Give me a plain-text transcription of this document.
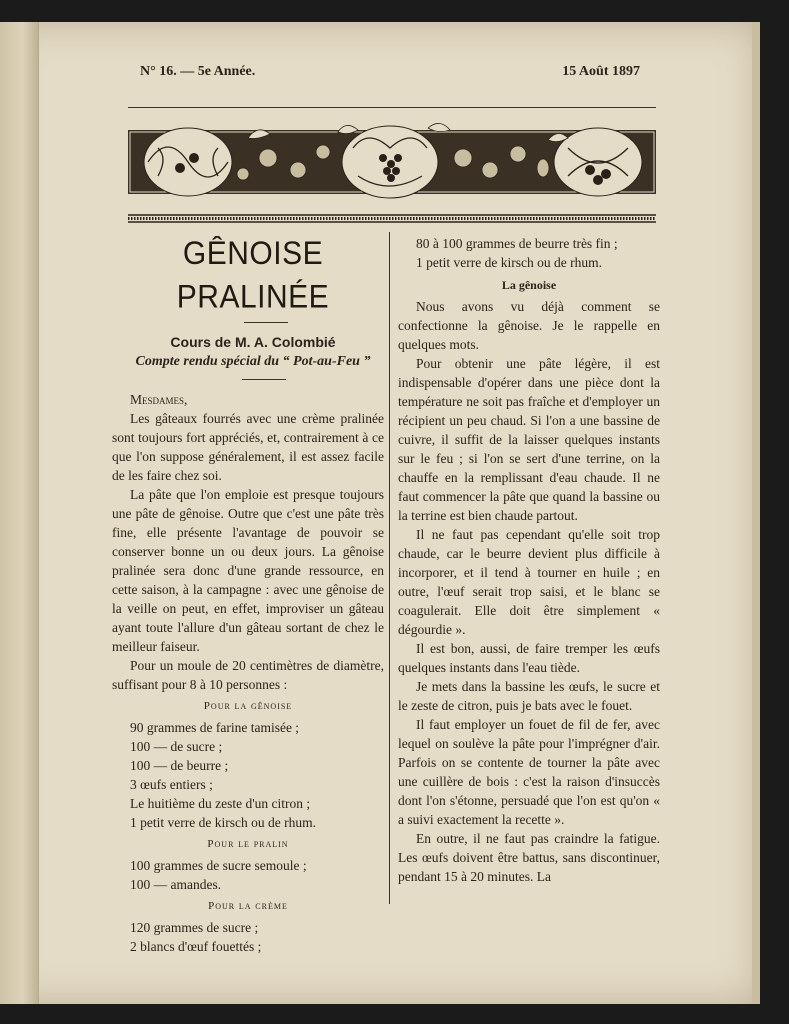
N° 16. — 5e Année.	15 Août 1897
GÊNOISE PRALINÉE
Cours de M. A. Colombié
Compte rendu spécial du “ Pot-au-Feu ”

Mesdames,

Les gâteaux fourrés avec une crème pralinée sont toujours fort appréciés, et, contrairement à ce que l'on suppose généralement, il est assez facile de les faire chez soi.

La pâte que l'on emploie est presque toujours une pâte de gênoise. Outre que c'est une pâte très fine, elle présente l'avantage de pouvoir se conserver bonne un ou deux jours. La gênoise pralinée sera donc d'une grande ressource, en cette saison, à la campagne : avec une gênoise de la veille on peut, en effet, improviser un gâteau ayant toute l'allure d'un gâteau sortant de chez le meilleur faiseur.

Pour un moule de 20 centimètres de diamètre, suffisant pour 8 à 10 personnes :

Pour la gênoise
90 grammes de farine tamisée ;
100 — de sucre ;
100 — de beurre ;
3 œufs entiers ;
Le huitième du zeste d'un citron ;
1 petit verre de kirsch ou de rhum.
Pour le pralin
100 grammes de sucre semoule ;
100 — amandes.
Pour la crème
120 grammes de sucre ;
2 blancs d'œuf fouettés ;
80 à 100 grammes de beurre très fin ;
1 petit verre de kirsch ou de rhum.
La gênoise

Nous avons vu déjà comment se confectionne la gênoise. Je le rappelle en quelques mots.

Pour obtenir une pâte légère, il est indispensable d'opérer dans une pièce dont la température ne soit pas fraîche et d'employer un récipient un peu chaud. Si l'on a une bassine de cuivre, il suffit de la laisser quelques instants sur le feu ; si l'on se sert d'une terrine, on la chauffe en la remplissant d'eau chaude. Il ne faut commencer la pâte que quand la bassine ou la terrine est bien chaude partout.

Il ne faut pas cependant qu'elle soit trop chaude, car le beurre devient plus difficile à incorporer, et il tend à tourner en huile ; en outre, l'œuf serait trop saisi, et le blanc se coagulerait. Elle doit être simplement « dégourdie ».

Il est bon, aussi, de faire tremper les œufs quelques instants dans l'eau tiède.

Je mets dans la bassine les œufs, le sucre et le zeste de citron, puis je bats avec le fouet.

Il faut employer un fouet de fil de fer, avec lequel on soulève la pâte pour l'imprégner d'air. Parfois on se contente de tourner la pâte avec une cuillère de bois : c'est la raison d'insuccès dont l'on s'étonne, persuadé que l'on est qu'on « a suivi exactement la recette ».

En outre, il ne faut pas craindre la fatigue. Les œufs doivent être battus, sans discontinuer, pendant 15 à 20 minutes. La
